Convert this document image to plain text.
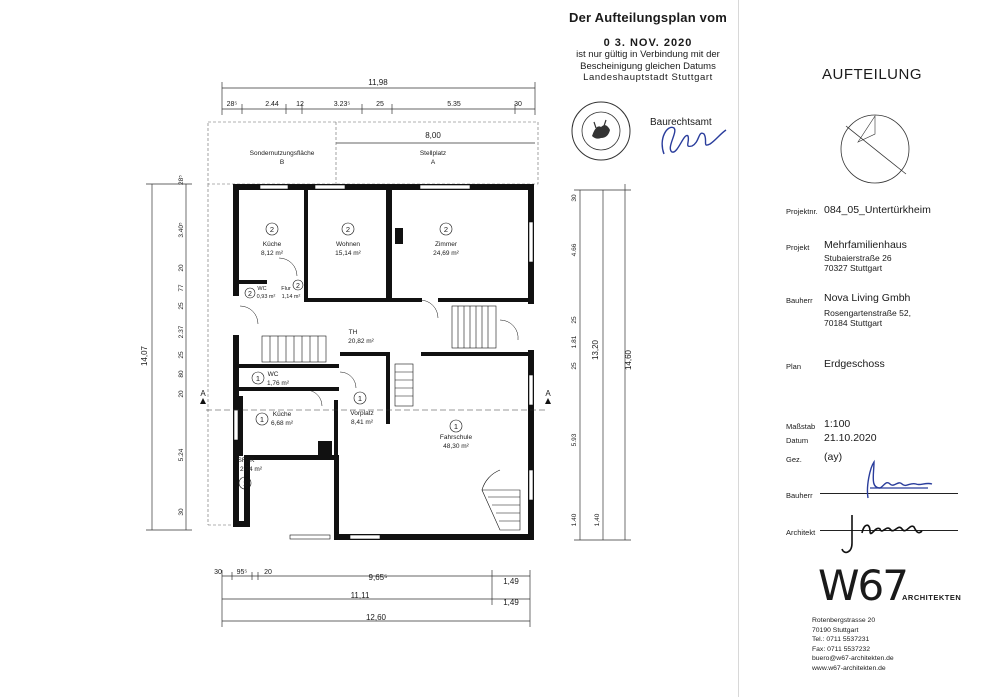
11,98
28⁵	2.44 12	3.23⁵	25	5.35	30
8,00
Sondernutzungsfläche
B
Stellplatz
A
A	A
2
Küche
8,12 m²
2
Wohnen
15,14 m²
2
Zimmer
24,69 m²
2
WC
0,93 m²
2
Flur
1,14 m²
TH
20,82 m²
1 WC
1,76 m²
1
Küche
6,68 m²
1
Vorplatz
8,41 m²	1
Fahrschule
48,30 m²
SFSK
2,74 m²
1
14,07
28⁵
3.40⁵
20
77
25
2.37
25
80
20
5.24
30
14,60
13,20
30
4.66
25
1.81
25
5.93
1.40 1,40
30 95⁵ 20
9,65⁵	1,49
11,11
1,49
12,60
Der Aufteilungsplan vom
0 3. NOV. 2020
ist nur gültig in Verbindung mit der
Bescheinigung gleichen Datums
Landeshauptstadt Stuttgart
Baurechtsamt
AUFTEILUNG
Projektnr. 084_05_Untertürkheim
Projekt Mehrfamilienhaus
Stubaierstraße 26
70327 Stuttgart
Bauherr Nova Living Gmbh
Rosengartenstraße 52,
70184 Stuttgart
Plan Erdgeschoss
Maßstab 1:100
Datum 21.10.2020
Gez. (ay)
Bauherr
Architekt
W67
ARCHITEKTEN
Rotenbergstrasse 20
70190 Stuttgart
Tel.: 0711 5537231
Fax: 0711 5537232
buero@w67-architekten.de
www.w67-architekten.de
